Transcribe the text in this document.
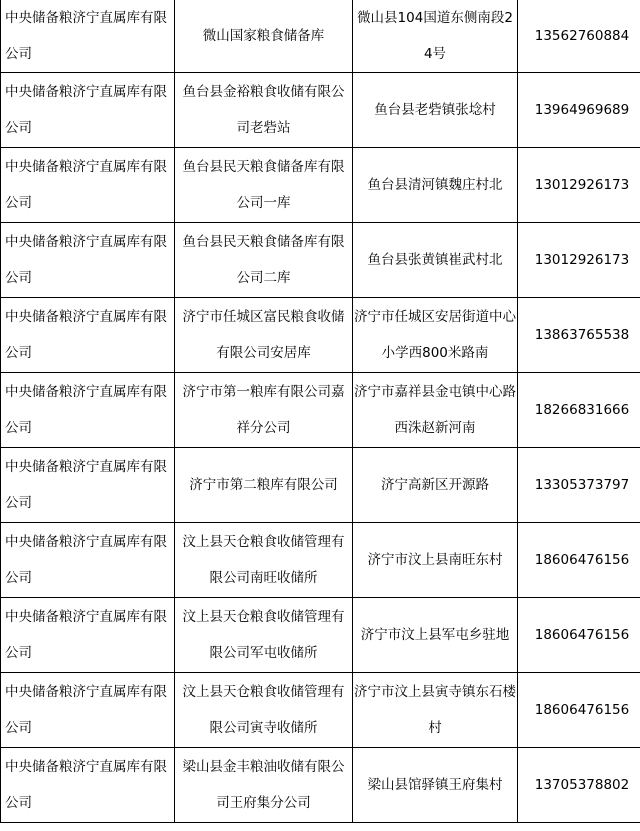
中央储备粮济宁直属库有限公司	微山国家粮食储备库	微山县104国道东侧南段24号	13562760884
中央储备粮济宁直属库有限公司	鱼台县金裕粮食收储有限公司老砦站	鱼台县老砦镇张埝村	13964969689
中央储备粮济宁直属库有限公司	鱼台县民天粮食储备库有限公司一库	鱼台县清河镇魏庄村北	13012926173
中央储备粮济宁直属库有限公司	鱼台县民天粮食储备库有限公司二库	鱼台县张黄镇崔武村北	13012926173
中央储备粮济宁直属库有限公司	济宁市任城区富民粮食收储有限公司安居库	济宁市任城区安居街道中心小学西800米路南	13863765538
中央储备粮济宁直属库有限公司	济宁市第一粮库有限公司嘉祥分公司	济宁市嘉祥县金屯镇中心路西洙赵新河南	18266831666
中央储备粮济宁直属库有限公司	济宁市第二粮库有限公司	济宁高新区开源路	13305373797
中央储备粮济宁直属库有限公司	汶上县天仓粮食收储管理有限公司南旺收储所	济宁市汶上县南旺东村	18606476156
中央储备粮济宁直属库有限公司	汶上县天仓粮食收储管理有限公司军屯收储所	济宁市汶上县军屯乡驻地	18606476156
中央储备粮济宁直属库有限公司	汶上县天仓粮食收储管理有限公司寅寺收储所	济宁市汶上县寅寺镇东石楼村	18606476156
中央储备粮济宁直属库有限公司	梁山县金丰粮油收储有限公司王府集分公司	梁山县馆驿镇王府集村	13705378802
